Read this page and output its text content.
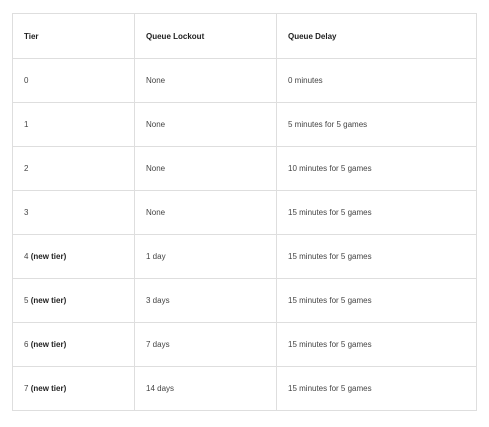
Tier	Queue Lockout	Queue Delay
0	None	0 minutes
1	None	5 minutes for 5 games
2	None	10 minutes for 5 games
3	None	15 minutes for 5 games
4 (new tier)	1 day	15 minutes for 5 games
5 (new tier)	3 days	15 minutes for 5 games
6 (new tier)	7 days	15 minutes for 5 games
7 (new tier)	14 days	15 minutes for 5 games
